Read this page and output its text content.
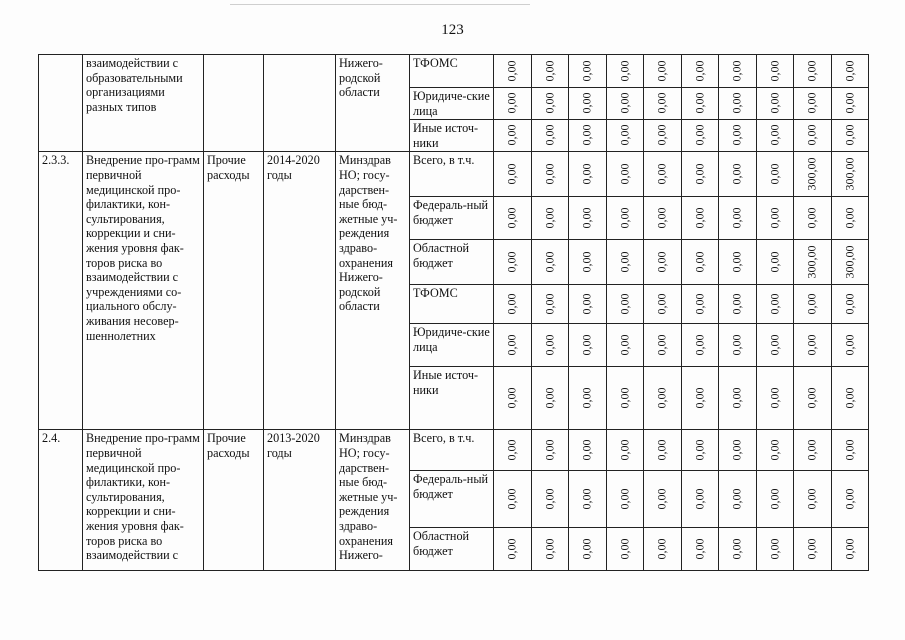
123
	взаимодействии с образовательными организациями разных типов			Нижего-родской области	ТФОМС	0,00	0,00	0,00	0,00	0,00	0,00	0,00	0,00	0,00	0,00

					Юридиче-ские лица	0,00	0,00	0,00	0,00	0,00	0,00	0,00	0,00	0,00	0,00

					Иные источ-ники	0,00	0,00	0,00	0,00	0,00	0,00	0,00	0,00	0,00	0,00

2.3.3.	Внедрение про-грамм первичной медицинской про-филактики, кон-сультирования, коррекции и сни-жения уровня фак-торов риска во взаимодействии с учреждениями со-циального обслу-живания несовер-шеннолетних	Прочие расходы	2014-2020 годы	Минздрав НО; госу-дарствен-ные бюд-жетные уч-реждения здраво-охранения Нижего-родской области	Всего, в т.ч.	0,00	0,00	0,00	0,00	0,00	0,00	0,00	0,00	300,00	300,00

					Федераль-ный бюджет	0,00	0,00	0,00	0,00	0,00	0,00	0,00	0,00	0,00	0,00

					Областной бюджет	0,00	0,00	0,00	0,00	0,00	0,00	0,00	0,00	300,00	300,00

					ТФОМС	0,00	0,00	0,00	0,00	0,00	0,00	0,00	0,00	0,00	0,00

					Юридиче-ские лица	0,00	0,00	0,00	0,00	0,00	0,00	0,00	0,00	0,00	0,00

					Иные источ-ники	0,00	0,00	0,00	0,00	0,00	0,00	0,00	0,00	0,00	0,00

2.4.	Внедрение про-грамм первичной медицинской про-филактики, кон-сультирования, коррекции и сни-жения уровня фак-торов риска во взаимодействии с	Прочие расходы	2013-2020 годы	Минздрав НО; госу-дарствен-ные бюд-жетные уч-реждения здраво-охранения Нижего-	Всего, в т.ч.	0,00	0,00	0,00	0,00	0,00	0,00	0,00	0,00	0,00	0,00

					Федераль-ный бюджет	0,00	0,00	0,00	0,00	0,00	0,00	0,00	0,00	0,00	0,00

					Областной бюджет	0,00	0,00	0,00	0,00	0,00	0,00	0,00	0,00	0,00	0,00
